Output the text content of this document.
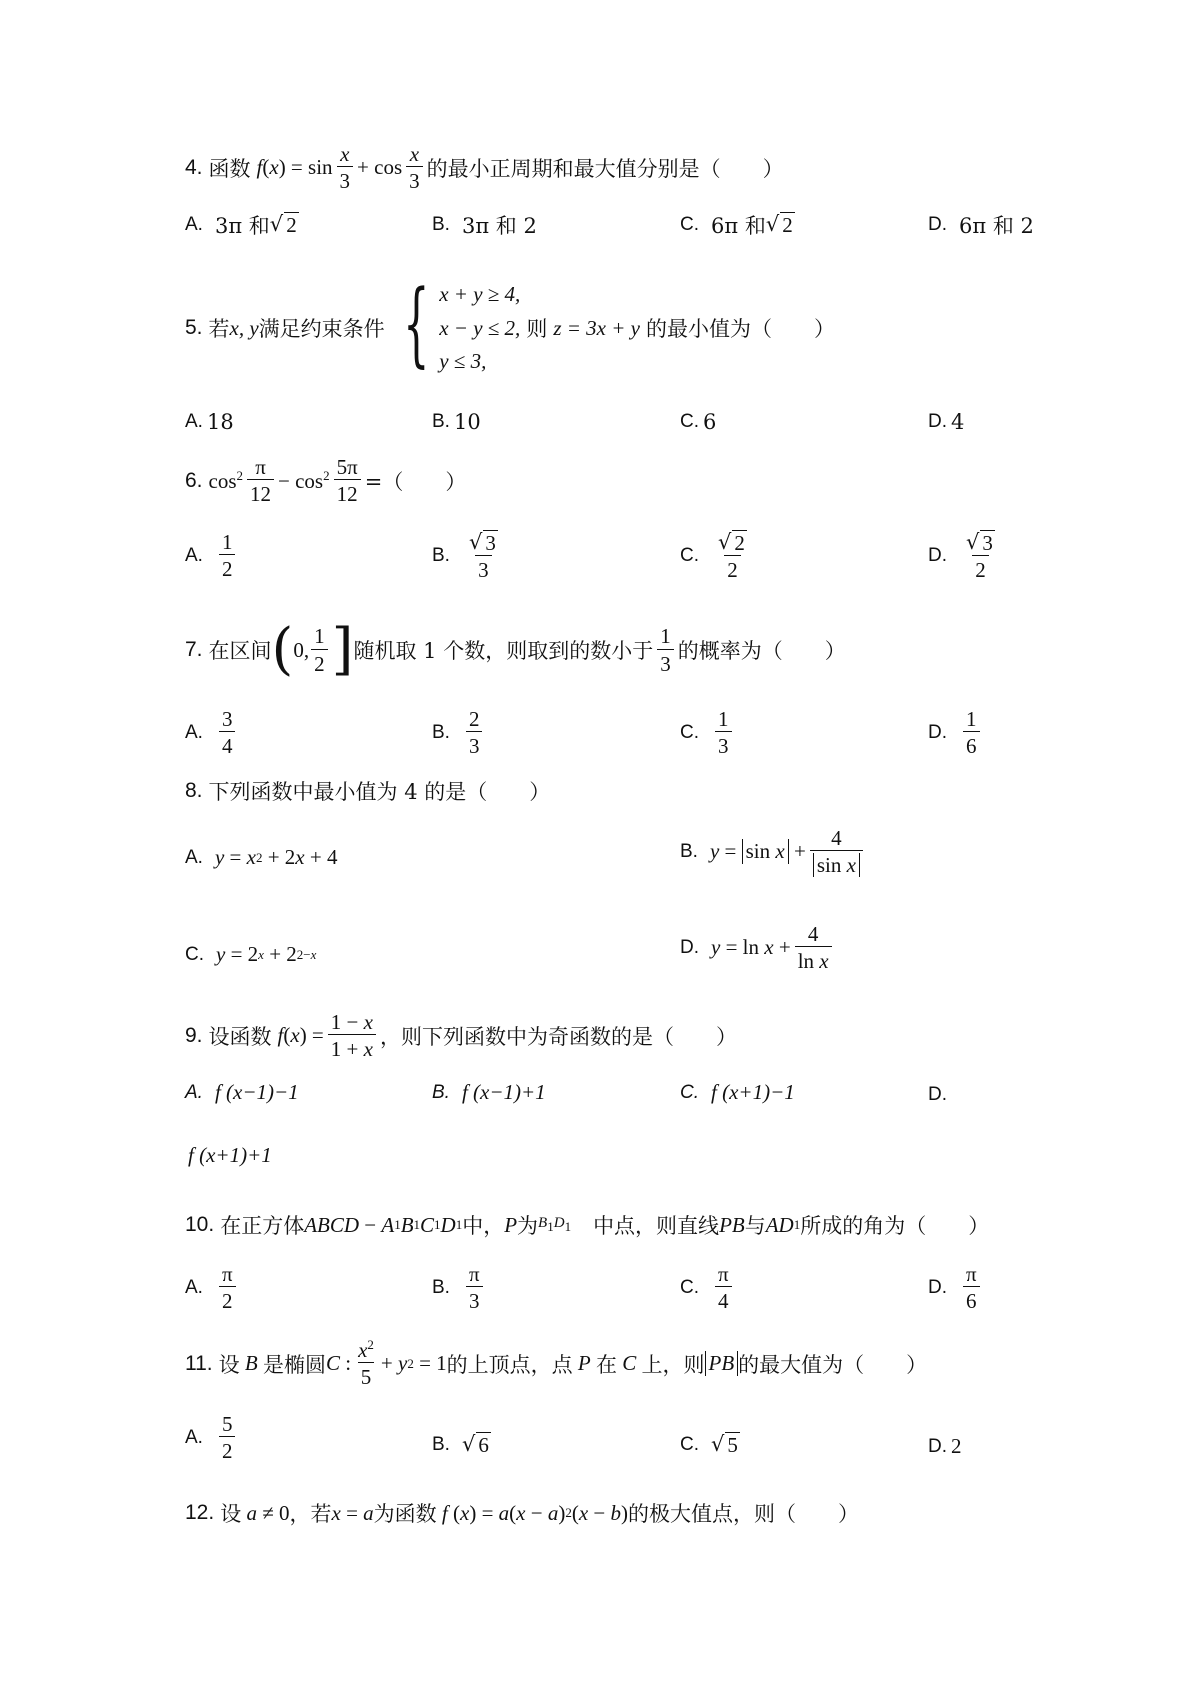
4. 函数 f ( x ) = $\sin \frac{x}{3} + \cos \frac{x}{3}$ 的最小正周期和最大值分别是（　　）
A. 3π 和 √ 2	B. 3π 和 2	C. 6π 和 √ 2	D. 6π 和 2
5. 若 x, y 满足约束条件 { x + y ≥ 4,
x − y ≤ 2,
y ≤ 3,
则 z = 3x + y 的最小值为（　　）
A. 18	B. 10	C. 6	D. 4
6. $\cos^2 \frac{\pi}{12} - \cos^2 \frac{5\pi}{12}$ =（　　）
A. $\frac{1}{2}$	B. $\frac{√ 3}{3}$	C. $\frac{√ 2}{2}$	D. $\frac{√ 3}{2}$
7. 在区间 ( 0, $\frac{1}{2}$ ] 随机取 1 个数，则取到的数小于 $\frac{1}{3}$ 的概率为（　　）
A. $\frac{3}{4}$	B. $\frac{2}{3}$	C. $\frac{1}{3}$	D. $\frac{1}{6}$
8. 下列函数中最小值为 4 的是（　　）
A. y = x 2 + 2 x + 4	B. $y = \sin x + \frac{4}{\text{sin x}}$
C. y = 2 x + 2 2−x	D. $y = \ln x + \frac{4}{\text{ln x}}$
9. 设函数 f ( x ) = $\frac{1 - x}{1 + x}$ ，则下列函数中为奇函数的是（　　）
A. f (x−1)−1	B. f (x−1)+1	C. f (x+1)−1	D.
f (x+1)+1
10. 在正方体 ABCD − A 1 B 1 C 1 D 1 中， P 为 $B_1D_1$ 中点，则直线 PB 与 AD 1 所成的角为（　　）
A. $\frac{\pi}{2}$	B. $\frac{\pi}{3}$	C. $\frac{\pi}{4}$	D. $\frac{\pi}{6}$
11. 设 B 是椭圆 C : $\frac{x^2}{5} + y$ 2 = 1 的上顶点，点 P 在 C 上，则 PB 的最大值为（　　）
A. $\frac{5}{2}$	B. √ 6	C. √ 5	D. 2
12. 设 a ≠ 0 ，若 x = a 为函数 f ( x ) = a ( x − a ) 2 ( x − b ) 的极大值点，则（　　）
